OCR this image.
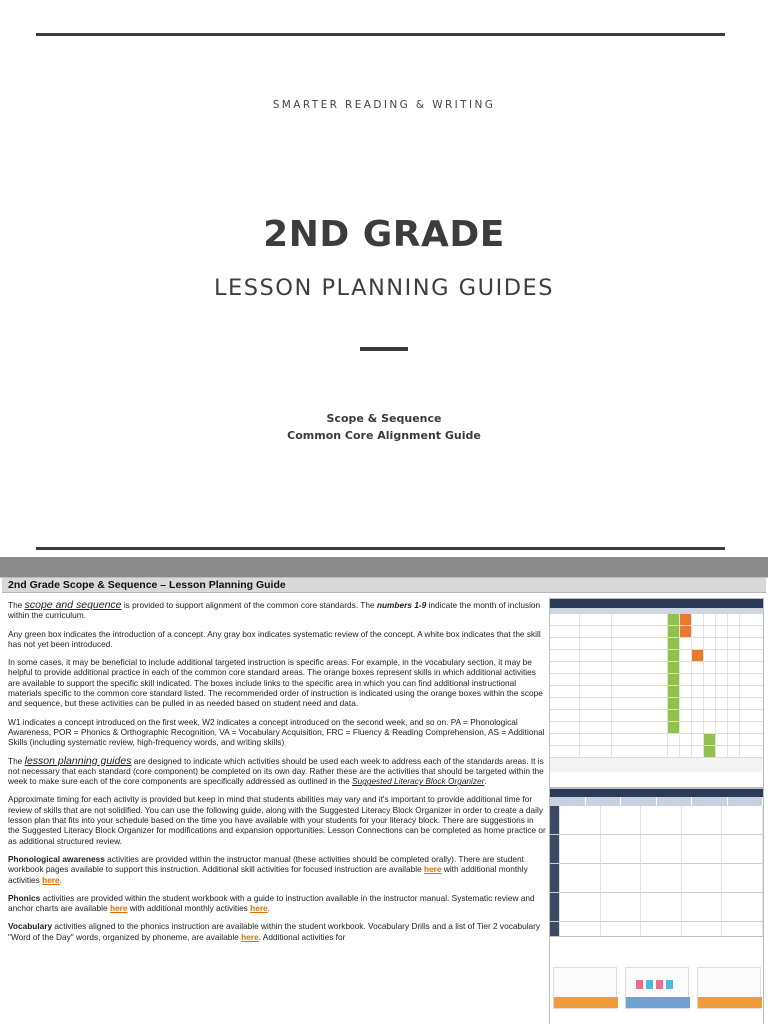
SMARTER READING & WRITING
2ND GRADE
LESSON PLANNING GUIDES
Scope & Sequence
Common Core Alignment Guide
2nd Grade Scope & Sequence – Lesson Planning Guide

The scope and sequence is provided to support alignment of the common core standards. The numbers 1-9 indicate the month of inclusion within the curriculum.

Any green box indicates the introduction of a concept. Any gray box indicates systematic review of the concept. A white box indicates that the skill has not yet been introduced.

In some cases, it may be beneficial to include additional targeted instruction is specific areas. For example, in the vocabulary section, it may be helpful to provide additional practice in each of the common core standard areas. The orange boxes represent skills in which additional activities are available to support the specific skill indicated. The boxes include links to the specific area in which you can find additional instructional materials specific to the common core standard listed. The recommended order of instruction is indicated using the orange boxes within the scope and sequence, but these activities can be pulled in as needed based on student need and data.

W1 indicates a concept introduced on the first week, W2 indicates a concept introduced on the second week, and so on. PA = Phonological Awareness, POR = Phonics & Orthographic Recognition, VA = Vocabulary Acquisition, FRC = Fluency & Reading Comprehension, AS = Additional Skills (including systematic review, high-frequency words, and writing skills)

The lesson planning guides are designed to indicate which activities should be used each week to address each of the standards areas. It is not necessary that each standard (core component) be completed on its own day. Rather these are the activities that should be targeted within the week to make sure each of the core components are specifically addressed as outlined in the Suggested Literacy Block Organizer.

Approximate timing for each activity is provided but keep in mind that students abilities may vary and it's important to provide additional time for review of skills that are not solidified. You can use the following guide, along with the Suggested Literacy Block Organizer in order to create a daily lesson plan that fits into your schedule based on the time you have available with your students for your literacy block. There are suggestions in the Suggested Literacy Block Organizer for modifications and expansion opportunities. Lesson Connections can be completed as home practice or as additional structured review.

Phonological awareness activities are provided within the instructor manual (these activities should be completed orally). There are student workbook pages available to support this instruction. Additional skill activities for focused instruction are available here with additional monthly activities here.

Phonics activities are provided within the student workbook with a guide to instruction available in the instructor manual. Systematic review and anchor charts are available here with additional monthly activities here.

Vocabulary activities aligned to the phonics instruction are available within the student workbook. Vocabulary Drills and a list of Tier 2 vocabulary "Word of the Day" words, organized by phoneme, are available here. Additional activities for
